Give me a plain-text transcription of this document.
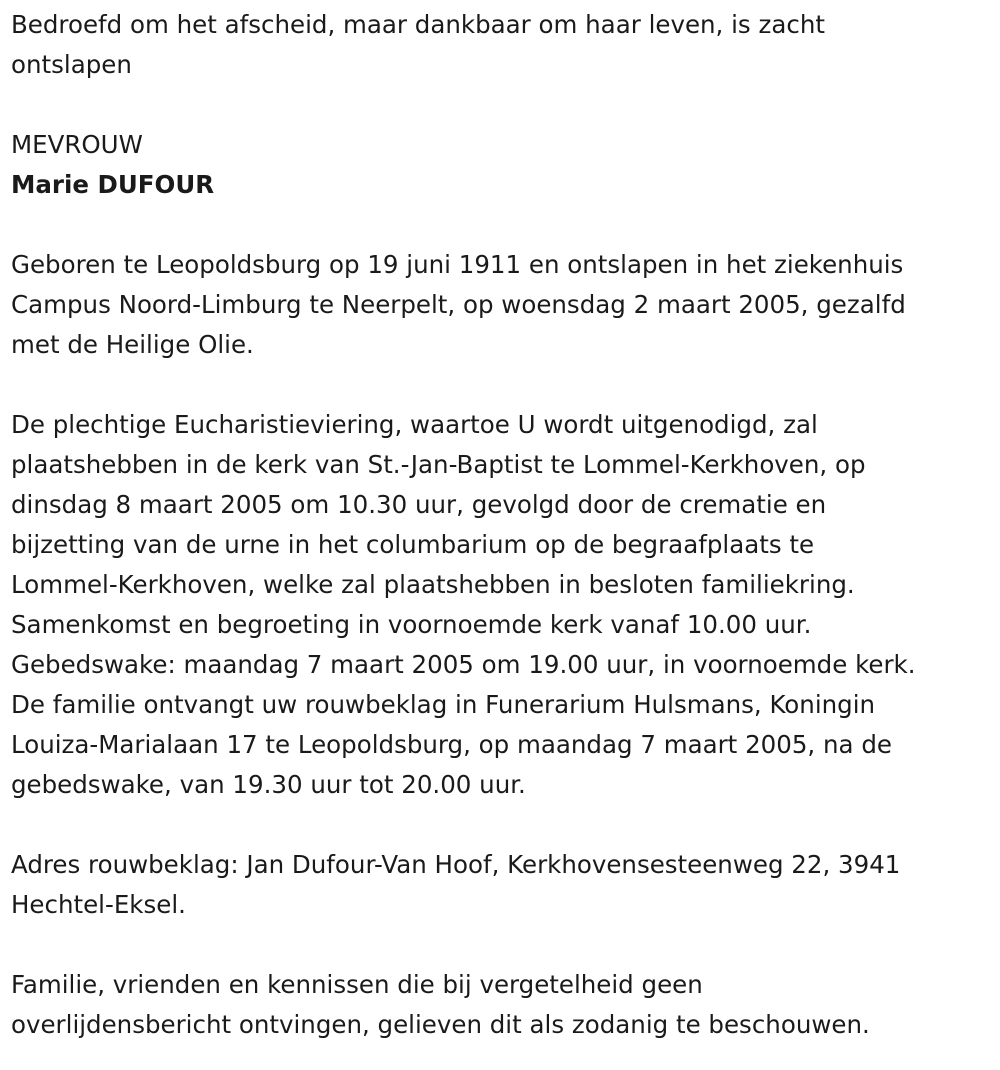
Bedroefd om het afscheid, maar dankbaar om haar leven, is zacht
ontslapen
MEVROUW
Marie DUFOUR
Geboren te Leopoldsburg op 19 juni 1911 en ontslapen in het ziekenhuis
Campus Noord-Limburg te Neerpelt, op woensdag 2 maart 2005, gezalfd
met de Heilige Olie.
De plechtige Eucharistieviering, waartoe U wordt uitgenodigd, zal
plaatshebben in de kerk van St.-Jan-Baptist te Lommel-Kerkhoven, op
dinsdag 8 maart 2005 om 10.30 uur, gevolgd door de crematie en
bijzetting van de urne in het columbarium op de begraafplaats te
Lommel-Kerkhoven, welke zal plaatshebben in besloten familiekring.
Samenkomst en begroeting in voornoemde kerk vanaf 10.00 uur.
Gebedswake: maandag 7 maart 2005 om 19.00 uur, in voornoemde kerk.
De familie ontvangt uw rouwbeklag in Funerarium Hulsmans, Koningin
Louiza-Marialaan 17 te Leopoldsburg, op maandag 7 maart 2005, na de
gebedswake, van 19.30 uur tot 20.00 uur.
Adres rouwbeklag: Jan Dufour-Van Hoof, Kerkhovensesteenweg 22, 3941
Hechtel-Eksel.
Familie, vrienden en kennissen die bij vergetelheid geen
overlijdensbericht ontvingen, gelieven dit als zodanig te beschouwen.
